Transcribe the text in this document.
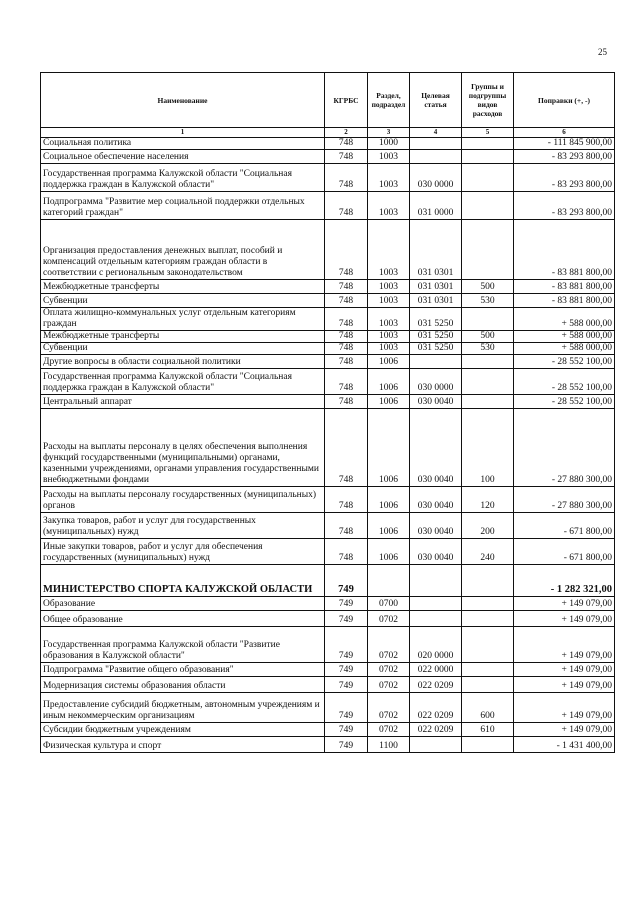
25
Наименование	КГРБС	Раздел, подраздел	Целевая статья	Группы и подгруппы видов расходов	Поправки (+, -)
1	2	3	4	5	6
Социальная политика	748	1000			- 111 845 900,00
Социальное обеспечение населения	748	1003			- 83 293 800,00
Государственная программа Калужской области "Социальная поддержка граждан в Калужской области"	748	1003	030 0000		- 83 293 800,00
Подпрограмма "Развитие мер социальной поддержки отдельных категорий граждан"	748	1003	031 0000		- 83 293 800,00
Организация предоставления денежных выплат, пособий и компенсаций отдельным категориям граждан области в соответствии с региональным законодательством	748	1003	031 0301		- 83 881 800,00
Межбюджетные трансферты	748	1003	031 0301	500	- 83 881 800,00
Субвенции	748	1003	031 0301	530	- 83 881 800,00
Оплата жилищно-коммунальных услуг отдельным категориям граждан	748	1003	031 5250		+ 588 000,00
Межбюджетные трансферты	748	1003	031 5250	500	+ 588 000,00
Субвенции	748	1003	031 5250	530	+ 588 000,00
Другие вопросы в области социальной политики	748	1006			- 28 552 100,00
Государственная программа Калужской области "Социальная поддержка граждан в Калужской области"	748	1006	030 0000		- 28 552 100,00
Центральный аппарат	748	1006	030 0040		- 28 552 100,00
Расходы на выплаты персоналу в целях обеспечения выполнения функций государственными (муниципальными) органами, казенными учреждениями, органами управления государственными внебюджетными фондами	748	1006	030 0040	100	- 27 880 300,00
Расходы на выплаты персоналу государственных (муниципальных) органов	748	1006	030 0040	120	- 27 880 300,00
Закупка товаров, работ и услуг для государственных (муниципальных) нужд	748	1006	030 0040	200	- 671 800,00
Иные закупки товаров, работ и услуг для обеспечения государственных (муниципальных) нужд	748	1006	030 0040	240	- 671 800,00
МИНИСТЕРСТВО СПОРТА КАЛУЖСКОЙ ОБЛАСТИ	749				- 1 282 321,00
Образование	749	0700			+ 149 079,00
Общее образование	749	0702			+ 149 079,00
Государственная программа Калужской области "Развитие образования в Калужской области"	749	0702	020 0000		+ 149 079,00
Подпрограмма "Развитие общего образования"	749	0702	022 0000		+ 149 079,00
Модернизация системы образования области	749	0702	022 0209		+ 149 079,00
Предоставление субсидий бюджетным, автономным учреждениям и иным некоммерческим организациям	749	0702	022 0209	600	+ 149 079,00
Субсидии бюджетным учреждениям	749	0702	022 0209	610	+ 149 079,00
Физическая культура и спорт	749	1100			- 1 431 400,00
